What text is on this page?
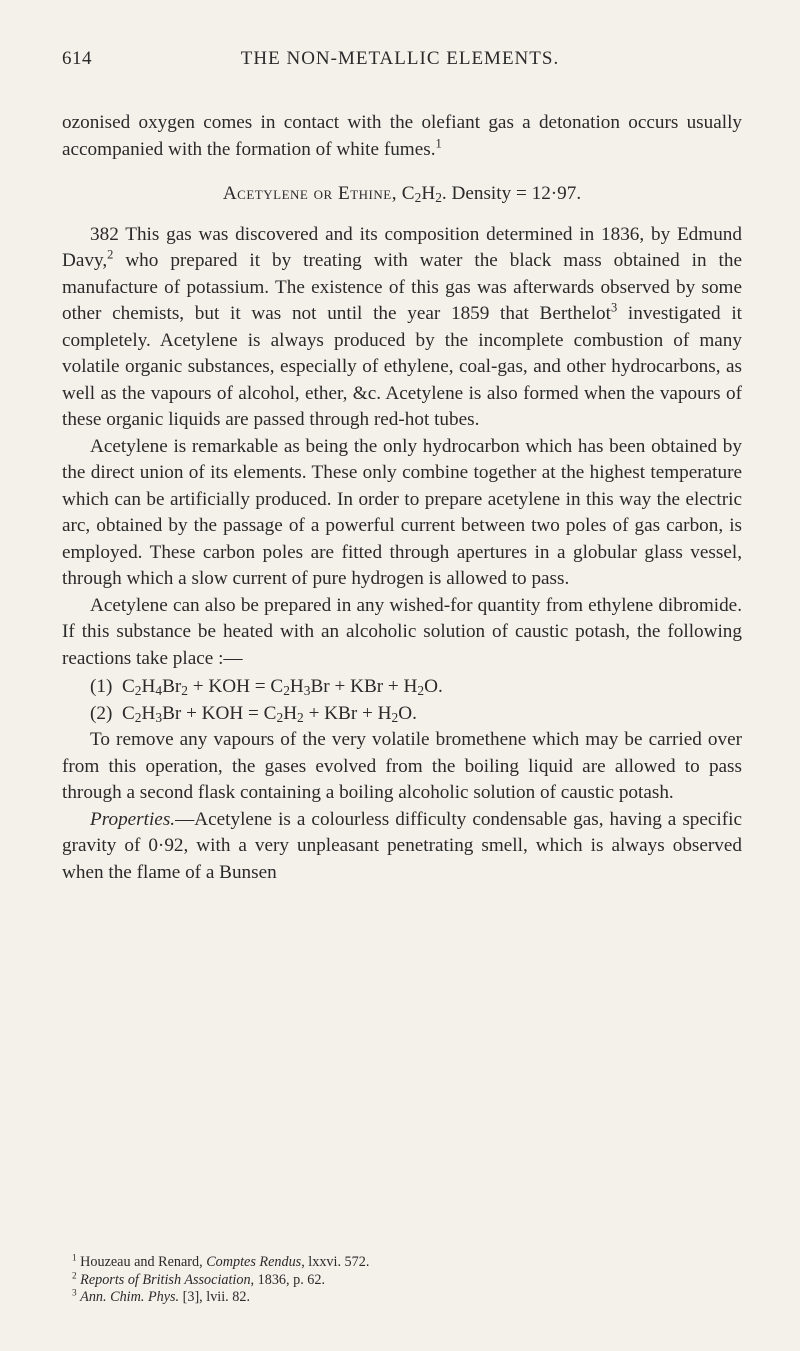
614	THE NON-METALLIC ELEMENTS.

ozonised oxygen comes in contact with the olefiant gas a detonation occurs usually accompanied with the formation of white fumes.$^1$

Acetylene or Ethine, $C_2H_2$. Density = 12·97.

382 This gas was discovered and its composition determined in 1836, by Edmund Davy,$^2$ who prepared it by treating with water the black mass obtained in the manufacture of potassium. The existence of this gas was afterwards observed by some other chemists, but it was not until the year 1859 that Berthelot$^3$ investigated it completely. Acetylene is always produced by the incomplete combustion of many volatile organic substances, especially of ethylene, coal-gas, and other hydrocarbons, as well as the vapours of alcohol, ether, &c. Acetylene is also formed when the vapours of these organic liquids are passed through red-hot tubes.

Acetylene is remarkable as being the only hydrocarbon which has been obtained by the direct union of its elements. These only combine together at the highest temperature which can be artificially produced. In order to prepare acetylene in this way the electric arc, obtained by the passage of a powerful current between two poles of gas carbon, is employed. These carbon poles are fitted through apertures in a globular glass vessel, through which a slow current of pure hydrogen is allowed to pass.

Acetylene can also be prepared in any wished-for quantity from ethylene dibromide. If this substance be heated with an alcoholic solution of caustic potash, the following reactions take place :—

(1) $C_2H_4Br_2$ + KOH = $C_2H_3Br$ + KBr + $H_2O$.
(2) $C_2H_3Br$ + KOH = $C_2H_2$ + KBr + $H_2O$.

To remove any vapours of the very volatile bromethene which may be carried over from this operation, the gases evolved from the boiling liquid are allowed to pass through a second flask containing a boiling alcoholic solution of caustic potash.

Properties.—Acetylene is a colourless difficulty condensable gas, having a specific gravity of 0·92, with a very unpleasant penetrating smell, which is always observed when the flame of a Bunsen

$^1$ Houzeau and Renard, Comptes Rendus, lxxvi. 572.
$^2$ Reports of British Association, 1836, p. 62.
$^3$ Ann. Chim. Phys. [3], lvii. 82.
